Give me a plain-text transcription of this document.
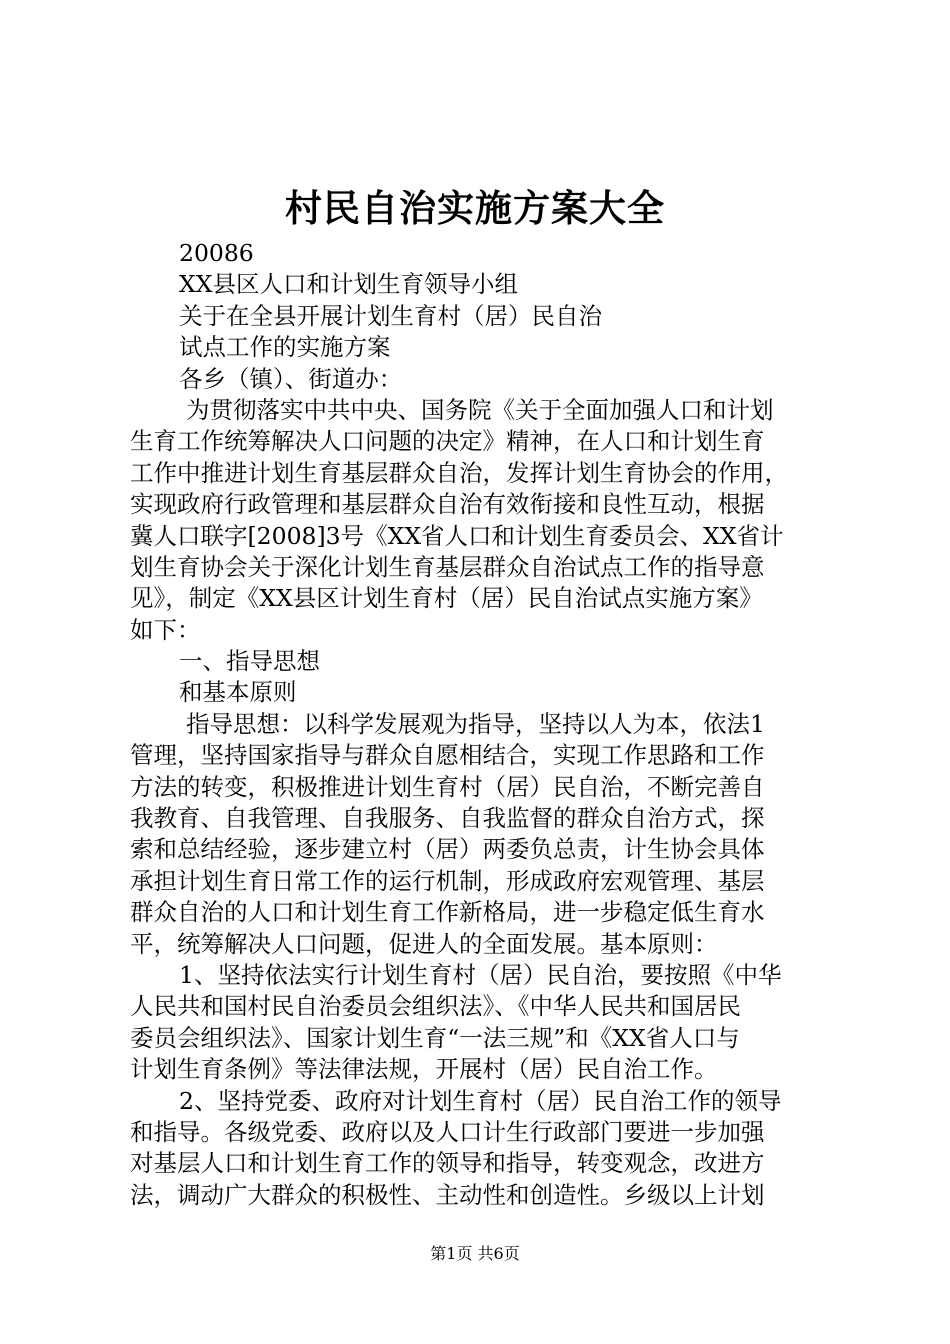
村民自治实施方案大全
20086
XX县区人口和计划生育领导小组
关于在全县开展计划生育村（居）民自治
试点工作的实施方案
各乡（镇）、街道办：
为贯彻落实中共中央、国务院《关于全面加强人口和计划
生育工作统筹解决人口问题的决定》精神，在人口和计划生育
工作中推进计划生育基层群众自治，发挥计划生育协会的作用，
实现政府行政管理和基层群众自治有效衔接和良性互动，根据
冀人口联字[2008]3号《XX省人口和计划生育委员会、XX省计
划生育协会关于深化计划生育基层群众自治试点工作的指导意
见》，制定《XX县区计划生育村（居）民自治试点实施方案》
如下：
一、指导思想
和基本原则
指导思想：以科学发展观为指导，坚持以人为本，依法1
管理，坚持国家指导与群众自愿相结合，实现工作思路和工作
方法的转变，积极推进计划生育村（居）民自治，不断完善自
我教育、自我管理、自我服务、自我监督的群众自治方式，探
索和总结经验，逐步建立村（居）两委负总责，计生协会具体
承担计划生育日常工作的运行机制，形成政府宏观管理、基层
群众自治的人口和计划生育工作新格局，进一步稳定低生育水
平，统筹解决人口问题，促进人的全面发展。基本原则：
1、坚持依法实行计划生育村（居）民自治，要按照《中华
人民共和国村民自治委员会组织法》、《中华人民共和国居民
委员会组织法》、国家计划生育“一法三规”和《XX省人口与
计划生育条例》等法律法规，开展村（居）民自治工作。
2、坚持党委、政府对计划生育村（居）民自治工作的领导
和指导。各级党委、政府以及人口计生行政部门要进一步加强
对基层人口和计划生育工作的领导和指导，转变观念，改进方
法，调动广大群众的积极性、主动性和创造性。乡级以上计划
第1页 共6页
